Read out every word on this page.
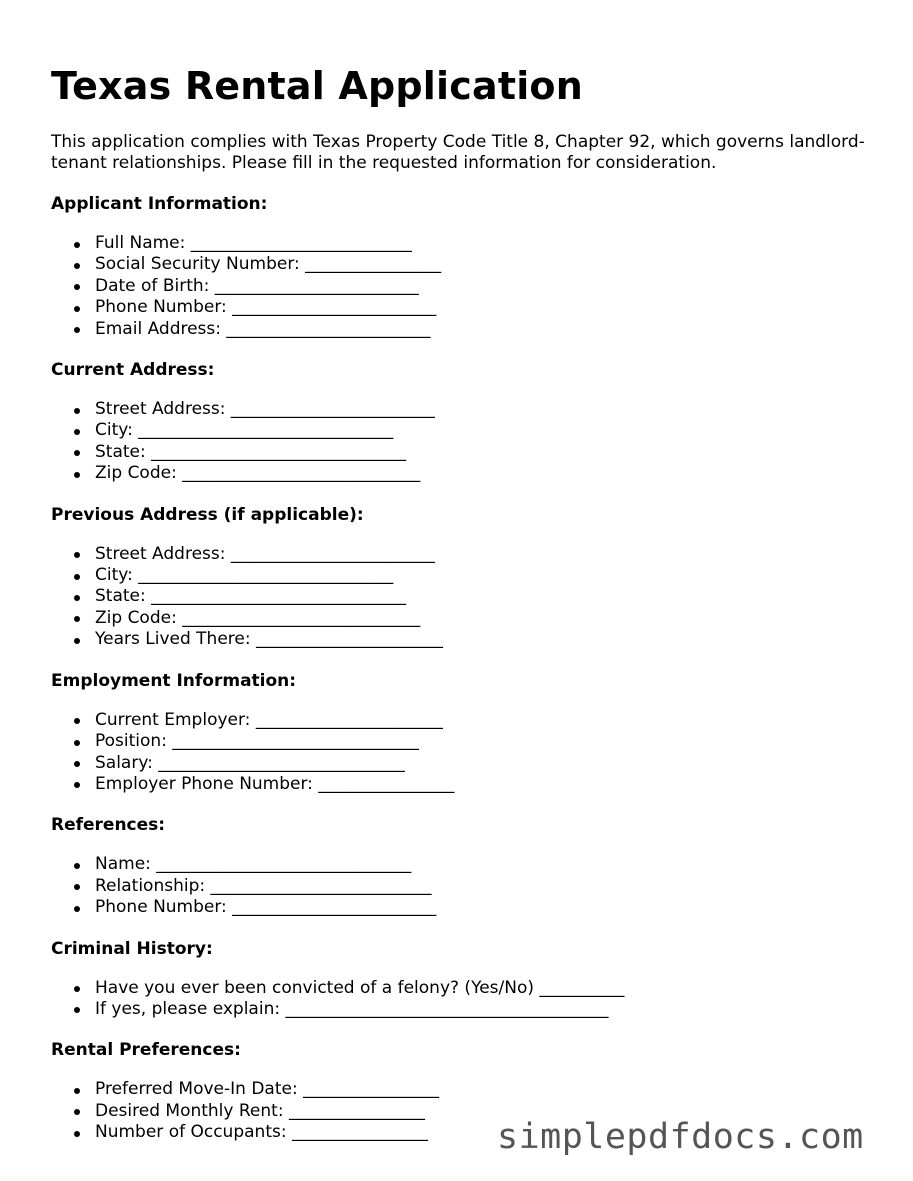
Texas Rental Application

This application complies with Texas Property Code Title 8, Chapter 92, which governs landlord-tenant relationships. Please fill in the requested information for consideration.

Applicant Information:
Full Name: __________________________
Social Security Number: ________________
Date of Birth: ________________________
Phone Number: ________________________
Email Address: ________________________
Current Address:
Street Address: ________________________
City: ______________________________
State: ______________________________
Zip Code: ____________________________
Previous Address (if applicable):
Street Address: ________________________
City: ______________________________
State: ______________________________
Zip Code: ____________________________
Years Lived There: ______________________
Employment Information:
Current Employer: ______________________
Position: _____________________________
Salary: _____________________________
Employer Phone Number: ________________
References:
Name: ______________________________
Relationship: __________________________
Phone Number: ________________________
Criminal History:
Have you ever been convicted of a felony? (Yes/No) __________
If yes, please explain: ______________________________________
Rental Preferences:
Preferred Move-In Date: ________________
Desired Monthly Rent: ________________
Number of Occupants: ________________	simplepdfdocs.com
